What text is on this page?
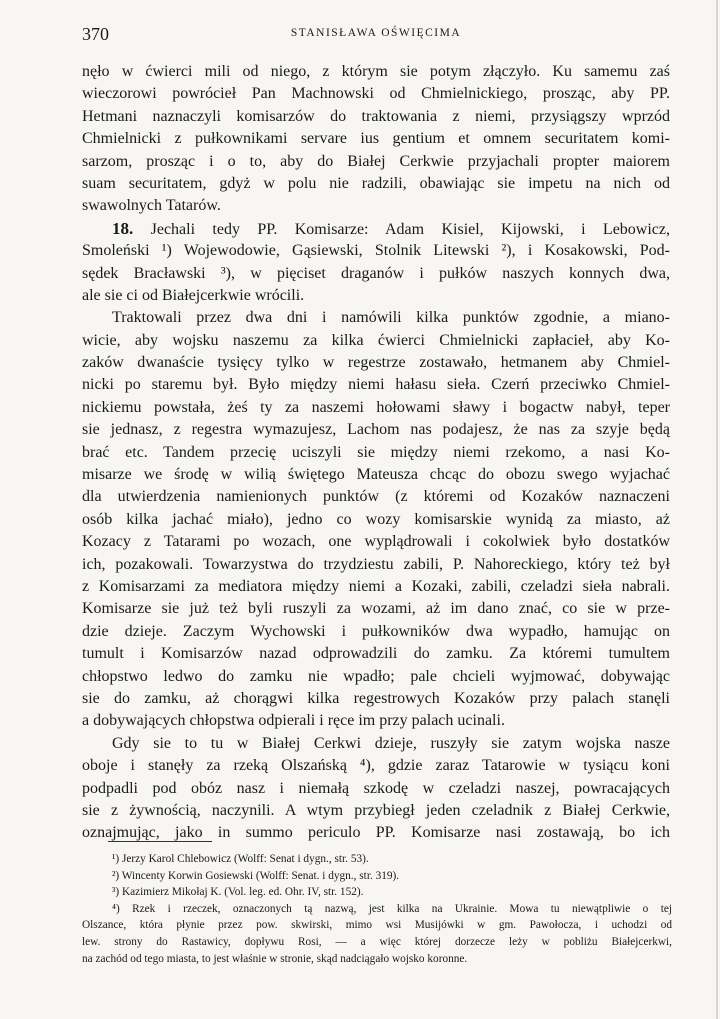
370	STANISŁAWA OŚWIĘCIMA
nęło w ćwierci mili od niego, z którym sie potym złączyło. Ku samemu zaś
wieczorowi powrócieł Pan Machnowski od Chmielnickiego, prosząc, aby PP.
Hetmani naznaczyli komisarzów do traktowania z niemi, przysiągszy wprzód
Chmielnicki z pułkownikami servare ius gentium et omnem securitatem komi-
sarzom, prosząc i o to, aby do Białej Cerkwie przyjachali propter maiorem
suam securitatem, gdyż w polu nie radzili, obawiając sie impetu na nich od
swawolnych Tatarów.
18. Jechali tedy PP. Komisarze: Adam Kisiel, Kijowski, i Lebowicz,
Smoleński ¹) Wojewodowie, Gąsiewski, Stolnik Litewski ²), i Kosakowski, Pod-
sędek Bracławski ³), w pięciset draganów i pułków naszych konnych dwa,
ale sie ci od Białejcerkwie wrócili.
Traktowali przez dwa dni i namówili kilka punktów zgodnie, a miano-
wicie, aby wojsku naszemu za kilka ćwierci Chmielnicki zapłacieł, aby Ko-
zaków dwanaście tysięcy tylko w regestrze zostawało, hetmanem aby Chmiel-
nicki po staremu był. Było między niemi hałasu sieła. Czerń przeciwko Chmiel-
nickiemu powstała, żeś ty za naszemi hołowami sławy i bogactw nabył, teper
sie jednasz, z regestra wymazujesz, Lachom nas podajesz, że nas za szyje będą
brać etc. Tandem przecię uciszyli sie między niemi rzekomo, a nasi Ko-
misarze we środę w wilią świętego Mateusza chcąc do obozu swego wyjachać
dla utwierdzenia namienionych punktów (z któremi od Kozaków naznaczeni
osób kilka jachać miało), jedno co wozy komisarskie wynidą za miasto, aż
Kozacy z Tatarami po wozach, one wyplądrowali i cokolwiek było dostatków
ich, pozakowali. Towarzystwa do trzydziestu zabili, P. Nahoreckiego, który też był
z Komisarzami za mediatora między niemi a Kozaki, zabili, czeladzi sieła nabrali.
Komisarze sie już też byli ruszyli za wozami, aż im dano znać, co sie w prze-
dzie dzieje. Zaczym Wychowski i pułkowników dwa wypadło, hamując on
tumult i Komisarzów nazad odprowadzili do zamku. Za któremi tumultem
chłopstwo ledwo do zamku nie wpadło; pale chcieli wyjmować, dobywając
sie do zamku, aż chorągwi kilka regestrowych Kozaków przy palach stanęli
a dobywających chłopstwa odpierali i ręce im przy palach ucinali.
Gdy sie to tu w Białej Cerkwi dzieje, ruszyły sie zatym wojska nasze
oboje i stanęły za rzeką Olszańską ⁴), gdzie zaraz Tatarowie w tysiącu koni
podpadli pod obóz nasz i niemałą szkodę w czeladzi naszej, powracających
sie z żywnością, naczynili. A wtym przybiegł jeden czeladnik z Białej Cerkwie,
oznajmując, jako in summo periculo PP. Komisarze nasi zostawają, bo ich
¹) Jerzy Karol Chlebowicz (Wolff: Senat i dygn., str. 53).
²) Wincenty Korwin Gosiewski (Wolff: Senat. i dygn., str. 319).
³) Kazimierz Mikołaj K. (Vol. leg. ed. Ohr. IV, str. 152).
⁴) Rzek i rzeczek, oznaczonych tą nazwą, jest kilka na Ukrainie. Mowa tu niewątpliwie o tej
Olszance, która płynie przez pow. skwirski, mimo wsi Musijówki w gm. Pawołocza, i uchodzi od
lew. strony do Rastawicy, dopływu Rosi, — a więc której dorzecze leży w pobliżu Białejcerkwi,
na zachód od tego miasta, to jest właśnie w stronie, skąd nadciągało wojsko koronne.
